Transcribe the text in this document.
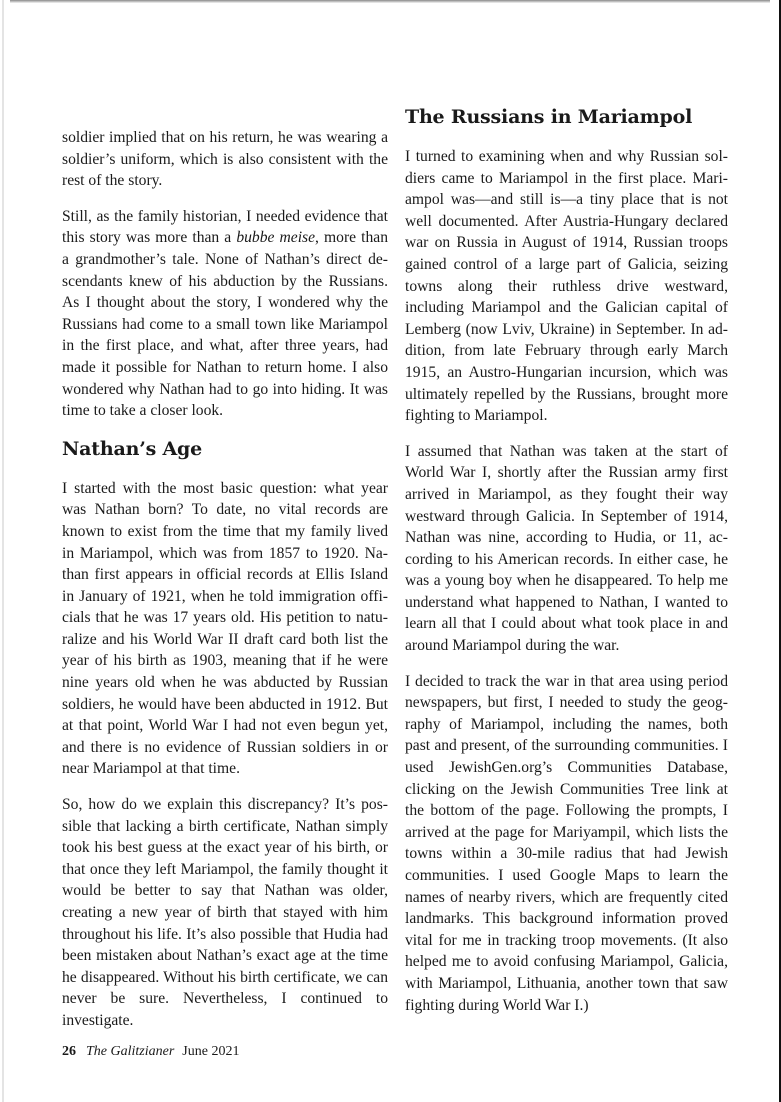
soldier implied that on his return, he was wearing a soldier’s uniform, which is also consistent with the rest of the story.

Still, as the family historian, I needed evidence that this story was more than a bubbe meise, more than a grandmother’s tale. None of Nathan’s direct descendants knew of his abduction by the Russians. As I thought about the story, I wondered why the Russians had come to a small town like Mariampol in the first place, and what, after three years, had made it possible for Nathan to return home. I also wondered why Nathan had to go into hiding. It was time to take a closer look.

Nathan’s Age

I started with the most basic question: what year was Nathan born? To date, no vital records are known to exist from the time that my family lived in Mariampol, which was from 1857 to 1920. Nathan first appears in official records at Ellis Island in January of 1921, when he told immigration officials that he was 17 years old. His petition to naturalize and his World War II draft card both list the year of his birth as 1903, meaning that if he were nine years old when he was abducted by Russian soldiers, he would have been abducted in 1912. But at that point, World War I had not even begun yet, and there is no evidence of Russian soldiers in or near Mariampol at that time.

So, how do we explain this discrepancy? It’s possible that lacking a birth certificate, Nathan simply took his best guess at the exact year of his birth, or that once they left Mariampol, the family thought it would be better to say that Nathan was older, creating a new year of birth that stayed with him throughout his life. It’s also possible that Hudia had been mistaken about Nathan’s exact age at the time he disappeared. Without his birth certificate, we can never be sure. Nevertheless, I continued to investigate.

The Russians in Mariampol

I turned to examining when and why Russian soldiers came to Mariampol in the first place. Mariampol was—and still is—a tiny place that is not well documented. After Austria-Hungary declared war on Russia in August of 1914, Russian troops gained control of a large part of Galicia, seizing towns along their ruthless drive westward, including Mariampol and the Galician capital of Lemberg (now Lviv, Ukraine) in September. In addition, from late February through early March 1915, an Austro-Hungarian incursion, which was ultimately repelled by the Russians, brought more fighting to Mariampol.

I assumed that Nathan was taken at the start of World War I, shortly after the Russian army first arrived in Mariampol, as they fought their way westward through Galicia. In September of 1914, Nathan was nine, according to Hudia, or 11, according to his American records. In either case, he was a young boy when he disappeared. To help me understand what happened to Nathan, I wanted to learn all that I could about what took place in and around Mariampol during the war.

I decided to track the war in that area using period newspapers, but first, I needed to study the geography of Mariampol, including the names, both past and present, of the surrounding communities. I used JewishGen.org’s Communities Database, clicking on the Jewish Communities Tree link at the bottom of the page. Following the prompts, I arrived at the page for Mariyampil, which lists the towns within a 30-mile radius that had Jewish communities. I used Google Maps to learn the names of nearby rivers, which are frequently cited landmarks. This background information proved vital for me in tracking troop movements. (It also helped me to avoid confusing Mariampol, Galicia, with Mariampol, Lithuania, another town that saw fighting during World War I.)

26 The Galitzianer June 2021
